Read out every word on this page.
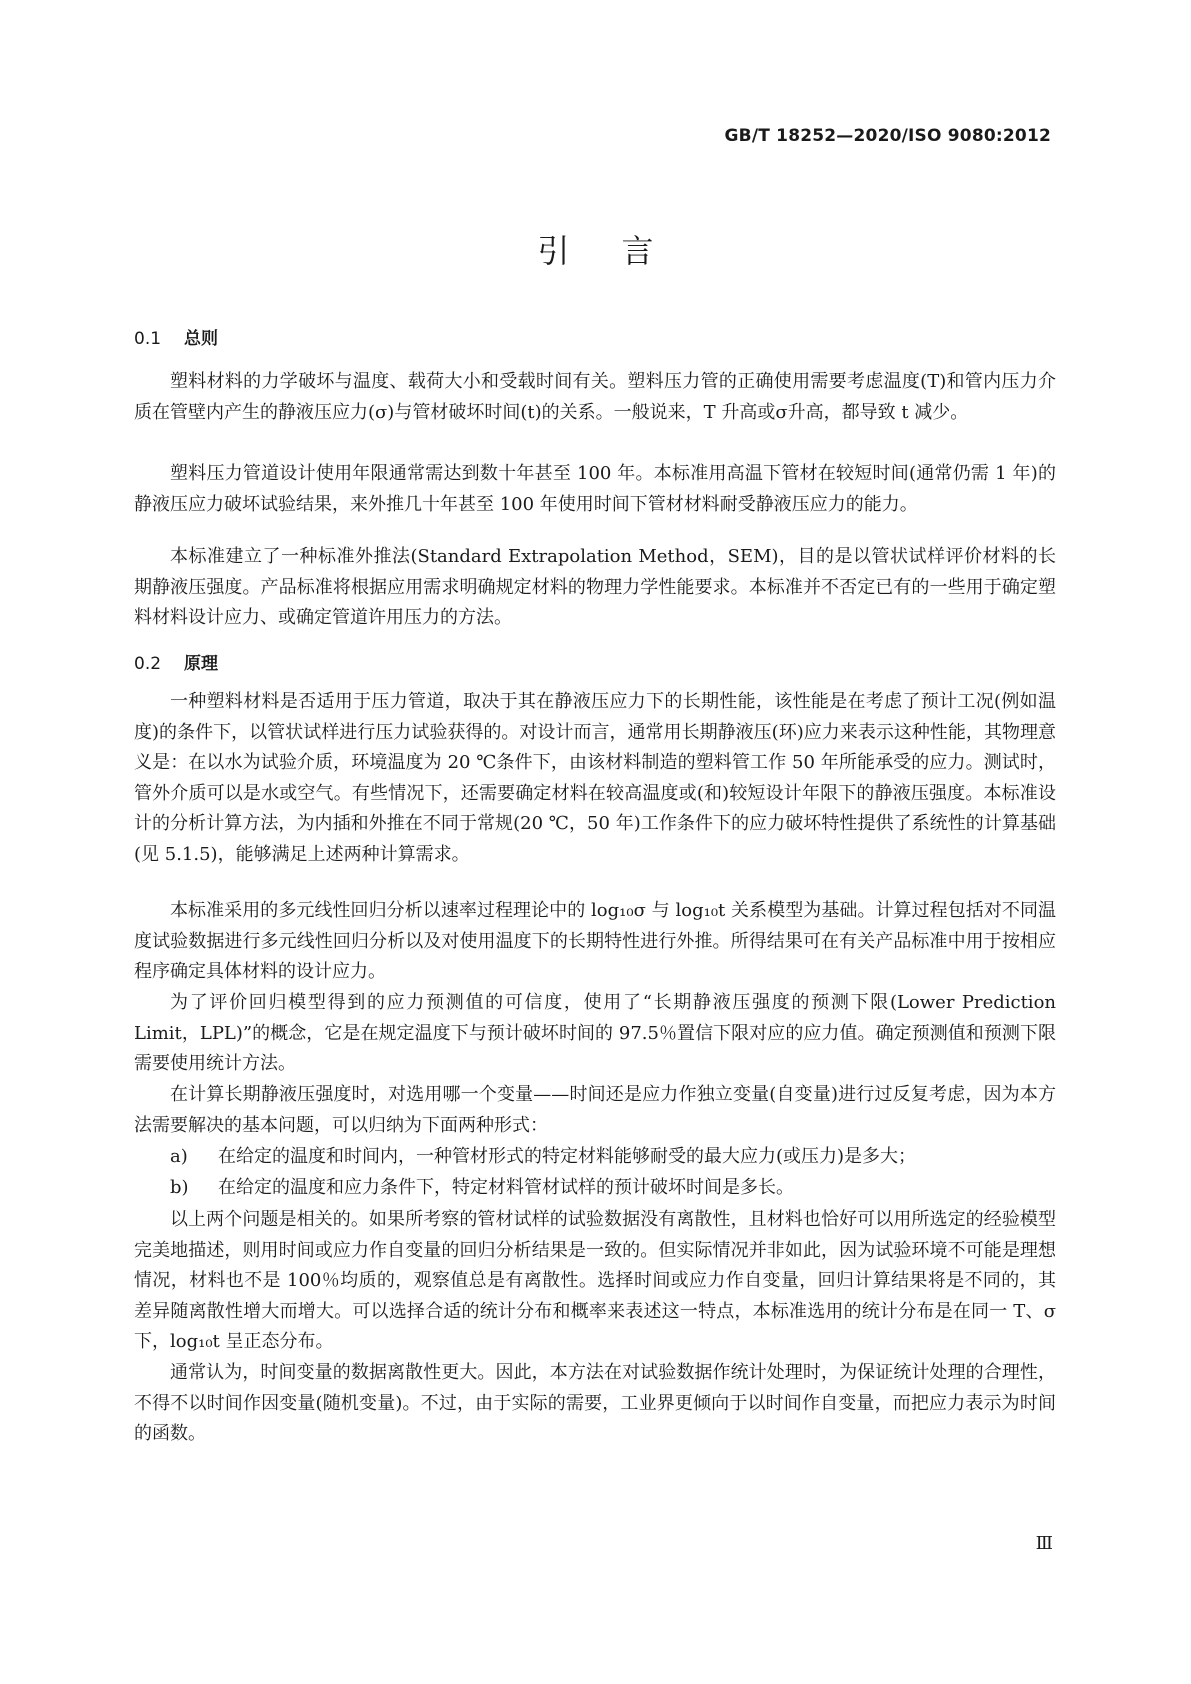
GB/T 18252—2020/ISO 9080:2012
引言
0.1 总则

塑料材料的力学破坏与温度、载荷大小和受载时间有关。塑料压力管的正确使用需要考虑温度(T)和管内压力介质在管壁内产生的静液压应力(σ)与管材破坏时间(t)的关系。一般说来，T 升高或σ升高，都导致 t 减少。

塑料压力管道设计使用年限通常需达到数十年甚至 100 年。本标准用高温下管材在较短时间(通常仍需 1 年)的静液压应力破坏试验结果，来外推几十年甚至 100 年使用时间下管材材料耐受静液压应力的能力。

本标准建立了一种标准外推法(Standard Extrapolation Method，SEM)，目的是以管状试样评价材料的长期静液压强度。产品标准将根据应用需求明确规定材料的物理力学性能要求。本标准并不否定已有的一些用于确定塑料材料设计应力、或确定管道许用压力的方法。

0.2 原理

一种塑料材料是否适用于压力管道，取决于其在静液压应力下的长期性能，该性能是在考虑了预计工况(例如温度)的条件下，以管状试样进行压力试验获得的。对设计而言，通常用长期静液压(环)应力来表示这种性能，其物理意义是：在以水为试验介质，环境温度为 20 ℃条件下，由该材料制造的塑料管工作 50 年所能承受的应力。测试时，管外介质可以是水或空气。有些情况下，还需要确定材料在较高温度或(和)较短设计年限下的静液压强度。本标准设计的分析计算方法，为内插和外推在不同于常规(20 ℃，50 年)工作条件下的应力破坏特性提供了系统性的计算基础(见 5.1.5)，能够满足上述两种计算需求。

本标准采用的多元线性回归分析以速率过程理论中的 log₁₀σ 与 log₁₀t 关系模型为基础。计算过程包括对不同温度试验数据进行多元线性回归分析以及对使用温度下的长期特性进行外推。所得结果可在有关产品标准中用于按相应程序确定具体材料的设计应力。

为了评价回归模型得到的应力预测值的可信度，使用了“长期静液压强度的预测下限(Lower Prediction Limit，LPL)”的概念，它是在规定温度下与预计破坏时间的 97.5％置信下限对应的应力值。确定预测值和预测下限需要使用统计方法。

在计算长期静液压强度时，对选用哪一个变量——时间还是应力作独立变量(自变量)进行过反复考虑，因为本方法需要解决的基本问题，可以归纳为下面两种形式：

a) 在给定的温度和时间内，一种管材形式的特定材料能够耐受的最大应力(或压力)是多大；

b) 在给定的温度和应力条件下，特定材料管材试样的预计破坏时间是多长。

以上两个问题是相关的。如果所考察的管材试样的试验数据没有离散性，且材料也恰好可以用所选定的经验模型完美地描述，则用时间或应力作自变量的回归分析结果是一致的。但实际情况并非如此，因为试验环境不可能是理想情况，材料也不是 100％均质的，观察值总是有离散性。选择时间或应力作自变量，回归计算结果将是不同的，其差异随离散性增大而增大。可以选择合适的统计分布和概率来表述这一特点，本标准选用的统计分布是在同一 T、σ 下，log₁₀t 呈正态分布。

通常认为，时间变量的数据离散性更大。因此，本方法在对试验数据作统计处理时，为保证统计处理的合理性，不得不以时间作因变量(随机变量)。不过，由于实际的需要，工业界更倾向于以时间作自变量，而把应力表示为时间的函数。

Ⅲ
